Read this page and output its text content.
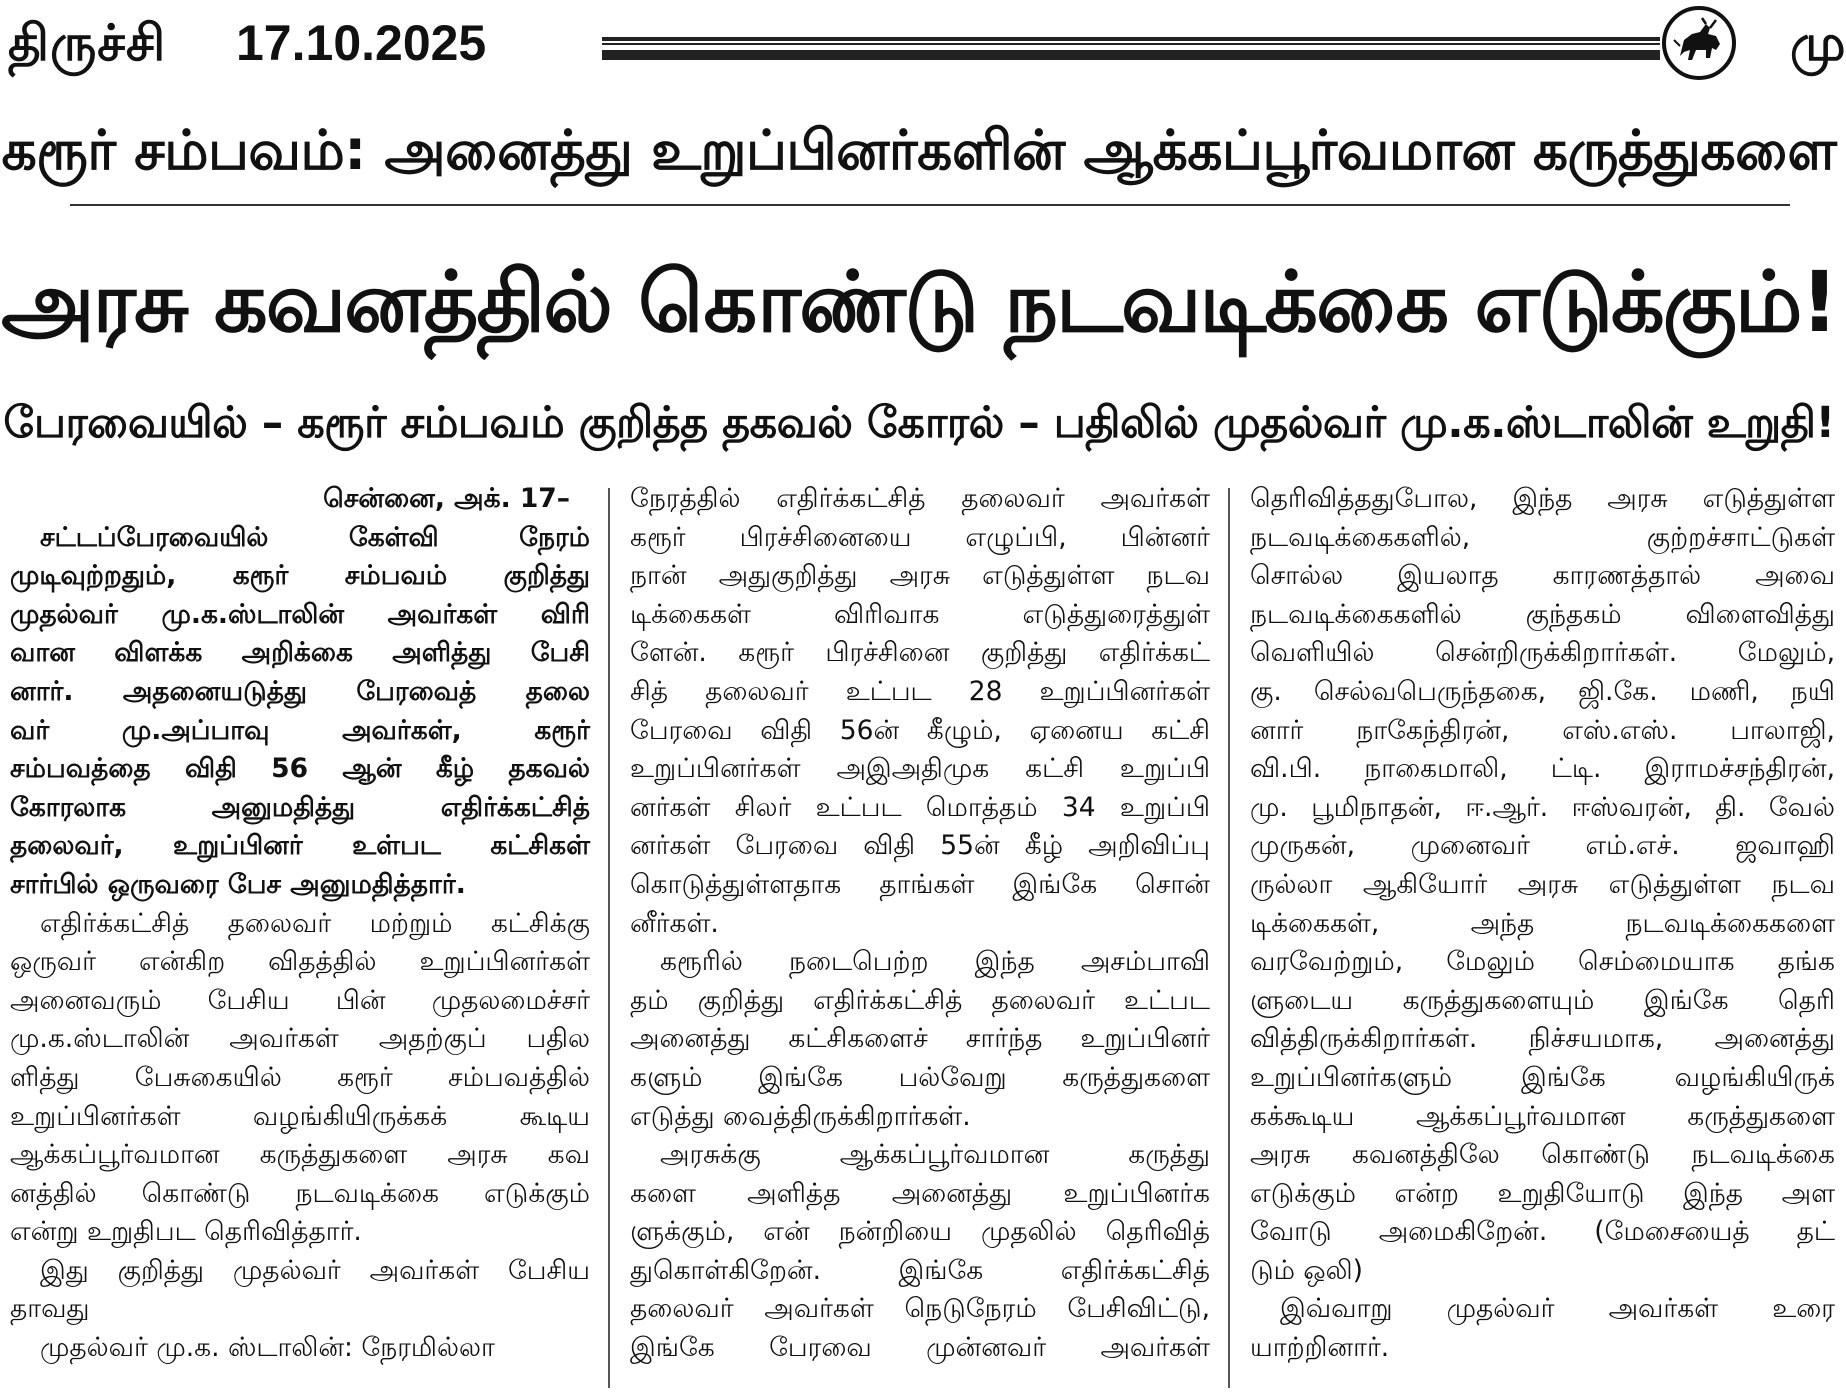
திருச்சி 17.10.2025	மு
கரூர் சம்பவம்: அனைத்து உறுப்பினர்களின் ஆக்கப்பூர்வமான கருத்துகளை
அரசு கவனத்தில் கொண்டு நடவடிக்கை எடுக்கும்!
பேரவையில் – கரூர் சம்பவம் குறித்த தகவல் கோரல் – பதிலில் முதல்வர் மு.க.ஸ்டாலின் உறுதி!
சென்னை, அக். 17–
சட்டப்பேரவையில் கேள்வி நேரம்
முடிவுற்றதும், கரூர் சம்பவம் குறித்து
முதல்வர் மு.க.ஸ்டாலின் அவர்கள் விரி
வான விளக்க அறிக்கை அளித்து பேசி
னார். அதனையடுத்து பேரவைத் தலை
வர் மு.அப்பாவு அவர்கள், கரூர்
சம்பவத்தை விதி 56 ஆன் கீழ் தகவல்
கோரலாக அனுமதித்து எதிர்க்கட்சித்
தலைவர், உறுப்பினர் உள்பட கட்சிகள்
சார்பில் ஒருவரை பேச அனுமதித்தார்.
எதிர்க்கட்சித் தலைவர் மற்றும் கட்சிக்கு
ஒருவர் என்கிற விதத்தில் உறுப்பினர்கள்
அனைவரும் பேசிய பின் முதலமைச்சர்
மு.க.ஸ்டாலின் அவர்கள் அதற்குப் பதில
ளித்து பேசுகையில் கரூர் சம்பவத்தில்
உறுப்பினர்கள் வழங்கியிருக்கக் கூடிய
ஆக்கப்பூர்வமான கருத்துகளை அரசு கவ
னத்தில் கொண்டு நடவடிக்கை எடுக்கும்
என்று உறுதிபட தெரிவித்தார்.
இது குறித்து முதல்வர் அவர்கள் பேசிய
தாவது
முதல்வர் மு.க. ஸ்டாலின்: நேரமில்லா
நேரத்தில் எதிர்க்கட்சித் தலைவர் அவர்கள்
கரூர் பிரச்சினையை எழுப்பி, பின்னர்
நான் அதுகுறித்து அரசு எடுத்துள்ள நடவ
டிக்கைகள் விரிவாக எடுத்துரைத்துள்
ளேன். கரூர் பிரச்சினை குறித்து எதிர்க்கட்
சித் தலைவர் உட்பட 28 உறுப்பினர்கள்
பேரவை விதி 56ன் கீழும், ஏனைய கட்சி
உறுப்பினர்கள் அஇஅதிமுக கட்சி உறுப்பி
னர்கள் சிலர் உட்பட மொத்தம் 34 உறுப்பி
னர்கள் பேரவை விதி 55ன் கீழ் அறிவிப்பு
கொடுத்துள்ளதாக தாங்கள் இங்கே சொன்
னீர்கள்.
கரூரில் நடைபெற்ற இந்த அசம்பாவி
தம் குறித்து எதிர்க்கட்சித் தலைவர் உட்பட
அனைத்து கட்சிகளைச் சார்ந்த உறுப்பினர்
களும் இங்கே பல்வேறு கருத்துகளை
எடுத்து வைத்திருக்கிறார்கள்.
அரசுக்கு ஆக்கப்பூர்வமான கருத்து
களை அளித்த அனைத்து உறுப்பினர்க
ளுக்கும், என் நன்றியை முதலில் தெரிவித்
துகொள்கிறேன். இங்கே எதிர்க்கட்சித்
தலைவர் அவர்கள் நெடுநேரம் பேசிவிட்டு,
இங்கே பேரவை முன்னவர் அவர்கள்
தெரிவித்ததுபோல, இந்த அரசு எடுத்துள்ள
நடவடிக்கைகளில், குற்றச்சாட்டுகள்
சொல்ல இயலாத காரணத்தால் அவை
நடவடிக்கைகளில் குந்தகம் விளைவித்து
வெளியில் சென்றிருக்கிறார்கள். மேலும்,
கு. செல்வபெருந்தகை, ஜி.கே. மணி, நயி
னார் நாகேந்திரன், எஸ்.எஸ். பாலாஜி,
வி.பி. நாகைமாலி, ட்டி. இராமச்சந்திரன்,
மு. பூமிநாதன், ஈ.ஆர். ஈஸ்வரன், தி. வேல்
முருகன், முனைவர் எம்.எச். ஜவாஹி
ருல்லா ஆகியோர் அரசு எடுத்துள்ள நடவ
டிக்கைகள், அந்த நடவடிக்கைகளை
வரவேற்றும், மேலும் செம்மையாக தங்க
ளுடைய கருத்துகளையும் இங்கே தெரி
வித்திருக்கிறார்கள். நிச்சயமாக, அனைத்து
உறுப்பினர்களும் இங்கே வழங்கியிருக்
கக்கூடிய ஆக்கப்பூர்வமான கருத்துகளை
அரசு கவனத்திலே கொண்டு நடவடிக்கை
எடுக்கும் என்ற உறுதியோடு இந்த அள
வோடு அமைகிறேன். (மேசையைத் தட்
டும் ஒலி)
இவ்வாறு முதல்வர் அவர்கள் உரை
யாற்றினார்.
